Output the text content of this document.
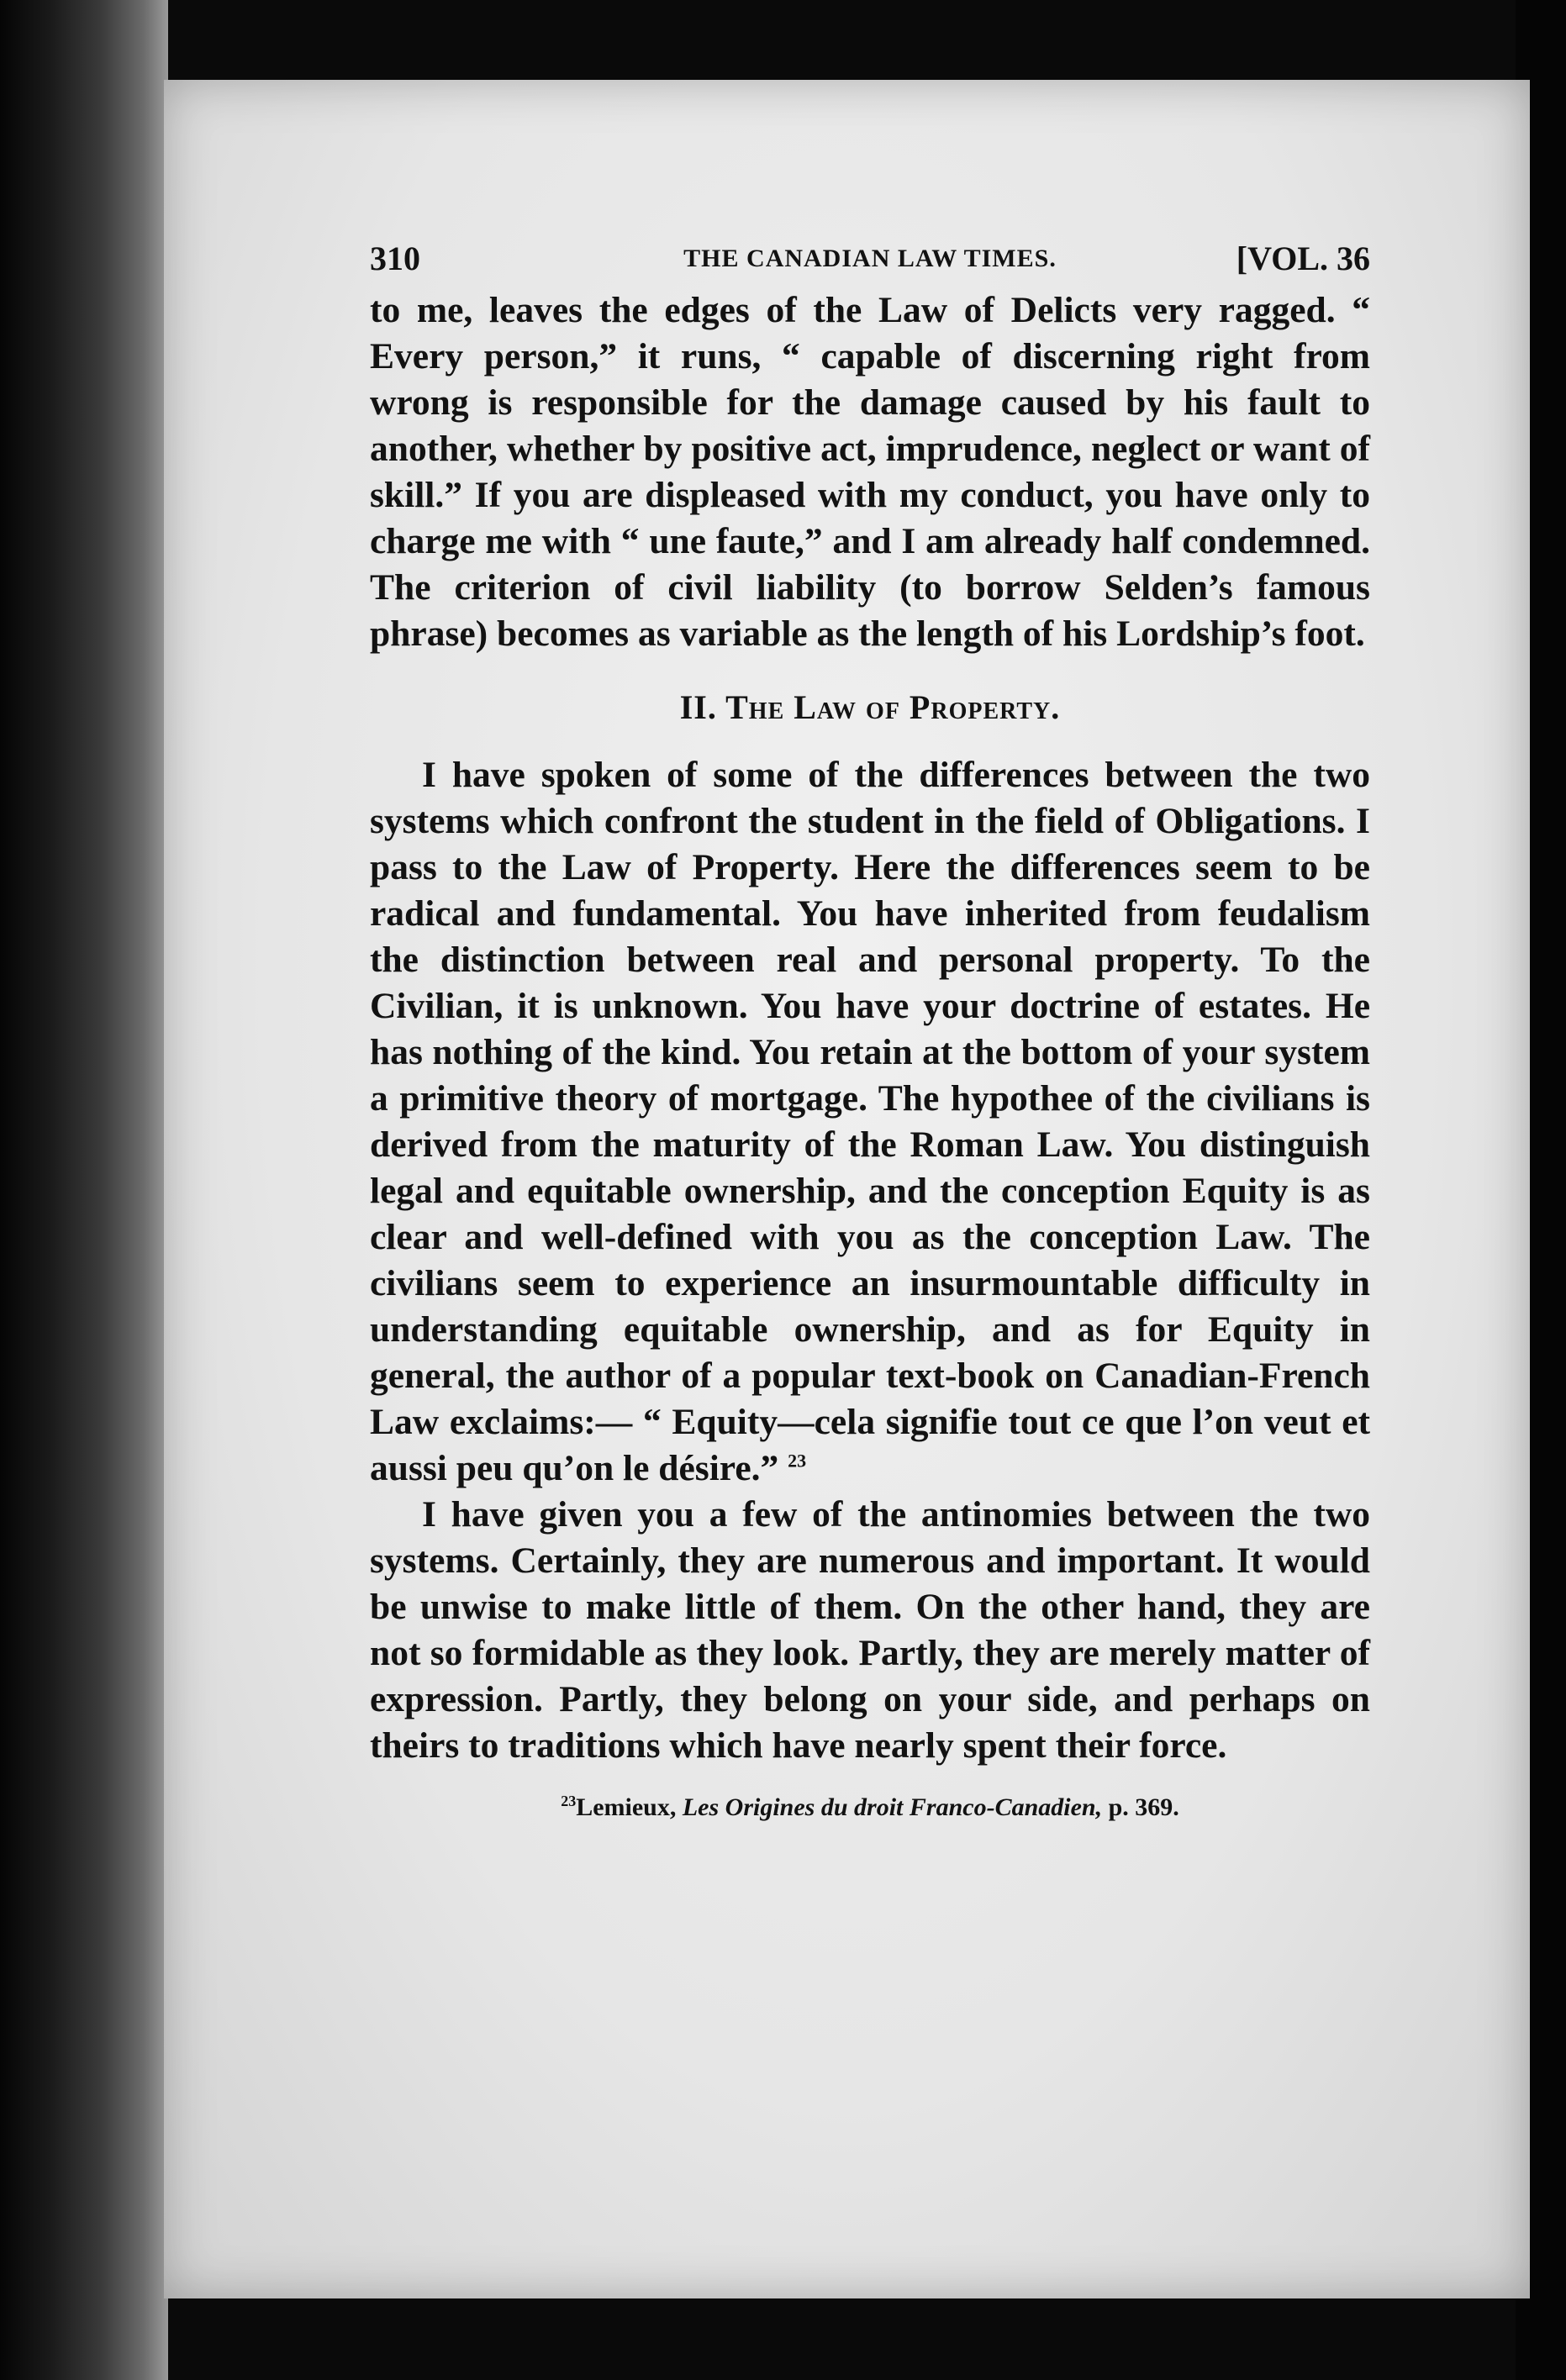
310	THE CANADIAN LAW TIMES.	[VOL. 36

to me, leaves the edges of the Law of Delicts very ragged. “ Every person,” it runs, “ capable of discerning right from wrong is responsible for the damage caused by his fault to another, whether by positive act, imprudence, neglect or want of skill.” If you are displeased with my conduct, you have only to charge me with “ une faute,” and I am already half condemned. The criterion of civil liability (to borrow Selden’s famous phrase) becomes as variable as the length of his Lordship’s foot.

II. The Law of Property.

I have spoken of some of the differences between the two systems which confront the student in the field of Obligations. I pass to the Law of Property. Here the differences seem to be radical and fundamental. You have inherited from feudalism the distinction between real and personal property. To the Civilian, it is unknown. You have your doctrine of estates. He has nothing of the kind. You retain at the bottom of your system a primitive theory of mortgage. The hypothee of the civilians is derived from the maturity of the Roman Law. You distinguish legal and equitable ownership, and the conception Equity is as clear and well-defined with you as the conception Law. The civilians seem to experience an insurmountable difficulty in understanding equitable ownership, and as for Equity in general, the author of a popular text-book on Canadian-French Law exclaims:— “ Equity—cela signifie tout ce que l’on veut et aussi peu qu’on le désire.” $^{23}$

I have given you a few of the antinomies between the two systems. Certainly, they are numerous and important. It would be unwise to make little of them. On the other hand, they are not so formidable as they look. Partly, they are merely matter of expression. Partly, they belong on your side, and perhaps on theirs to traditions which have nearly spent their force.

$^{23}$Lemieux, Les Origines du droit Franco-Canadien, p. 369.
